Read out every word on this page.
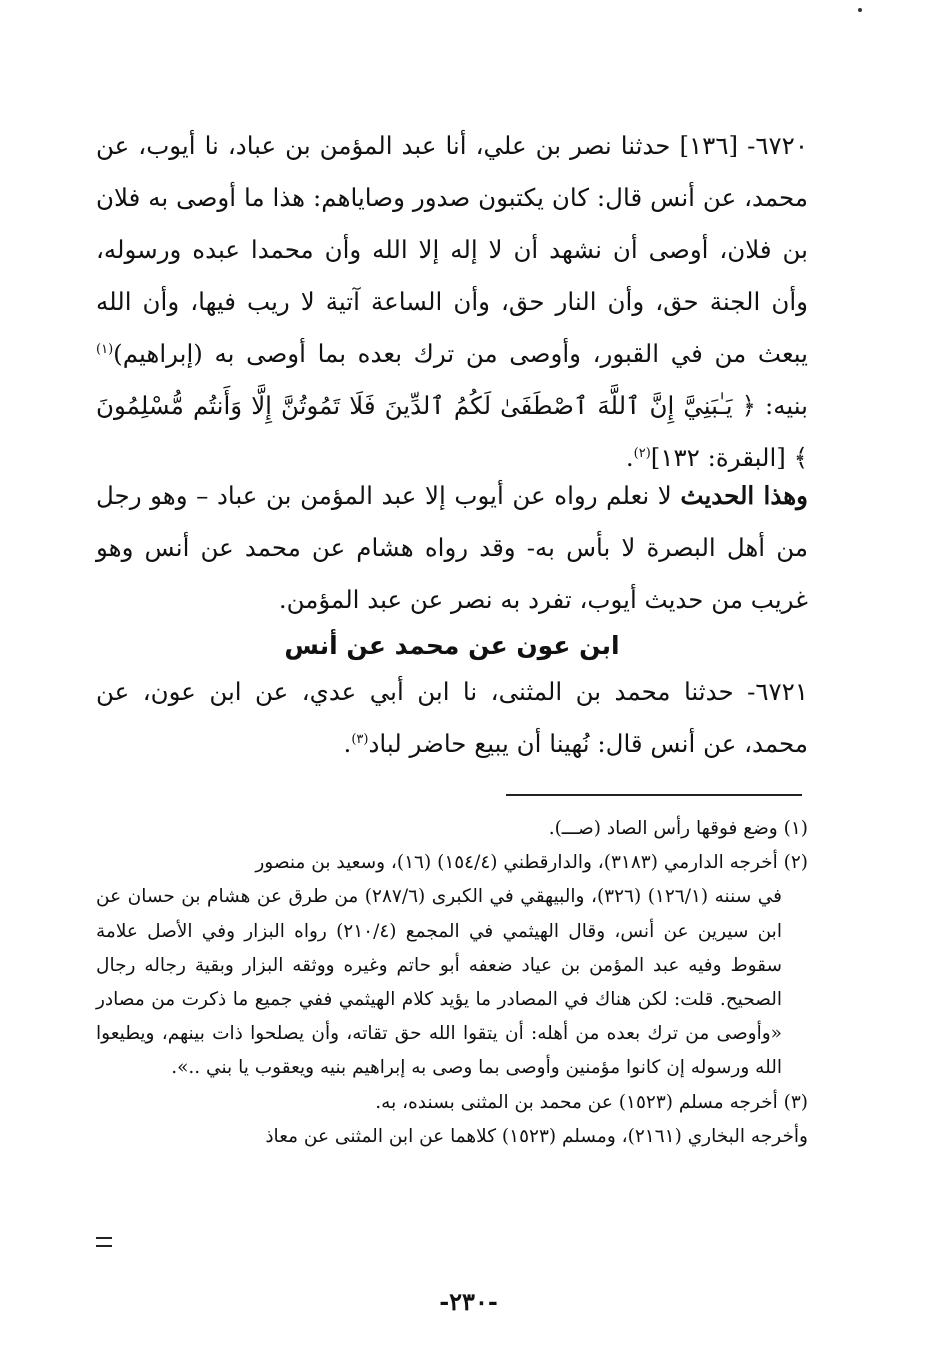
٦٧٢٠- [١٣٦] حدثنا نصر بن علي، أنا عبد المؤمن بن عباد، نا أيوب، عن محمد، عن أنس قال: كان يكتبون صدور وصاياهم: هذا ما أوصى به فلان بن فلان، أوصى أن نشهد أن لا إله إلا الله وأن محمدا عبده ورسوله، وأن الجنة حق، وأن النار حق، وأن الساعة آتية لا ريب فيها، وأن الله يبعث من في القبور، وأوصى من ترك بعده بما أوصى به (إبراهيم)$^{(١)}$ بنيه: ﴿ يَـٰبَنِيَّ إِنَّ ٱللَّهَ ٱصْطَفَىٰ لَكُمُ ٱلدِّينَ فَلَا تَمُوتُنَّ إِلَّا وَأَنتُم مُّسْلِمُونَ ﴾ [البقرة: ١٣٢]$^{(٢)}$.

وهذا الحديث لا نعلم رواه عن أيوب إلا عبد المؤمن بن عباد – وهو رجل من أهل البصرة لا بأس به- وقد رواه هشام عن محمد عن أنس وهو غريب من حديث أيوب، تفرد به نصر عن عبد المؤمن.

ابن عون عن محمد عن أنس

٦٧٢١- حدثنا محمد بن المثنى، نا ابن أبي عدي، عن ابن عون، عن محمد، عن أنس قال: نُهينا أن يبيع حاضر لباد$^{(٣)}$.

(١) وضع فوقها رأس الصاد (صـــ).

(٢) أخرجه الدارمي (٣١٨٣)، والدارقطني (١٥٤/٤) (١٦)، وسعيد بن منصور

في سننه (١٢٦/١) (٣٢٦)، والبيهقي في الكبرى (٢٨٧/٦) من طرق عن هشام بن حسان عن ابن سيرين عن أنس، وقال الهيثمي في المجمع (٢١٠/٤) رواه البزار وفي الأصل علامة سقوط وفيه عبد المؤمن بن عياد ضعفه أبو حاتم وغيره ووثقه البزار وبقية رجاله رجال الصحيح. قلت: لكن هناك في المصادر ما يؤيد كلام الهيثمي ففي جميع ما ذكرت من مصادر «وأوصى من ترك بعده من أهله: أن يتقوا الله حق تقاته، وأن يصلحوا ذات بينهم، ويطيعوا الله ورسوله إن كانوا مؤمنين وأوصى بما وصى به إبراهيم بنيه ويعقوب يا بني ..».

(٣) أخرجه مسلم (١٥٢٣) عن محمد بن المثنى بسنده، به.

وأخرجه البخاري (٢١٦١)، ومسلم (١٥٢٣) كلاهما عن ابن المثنى عن معاذ

-٢٣٠-
